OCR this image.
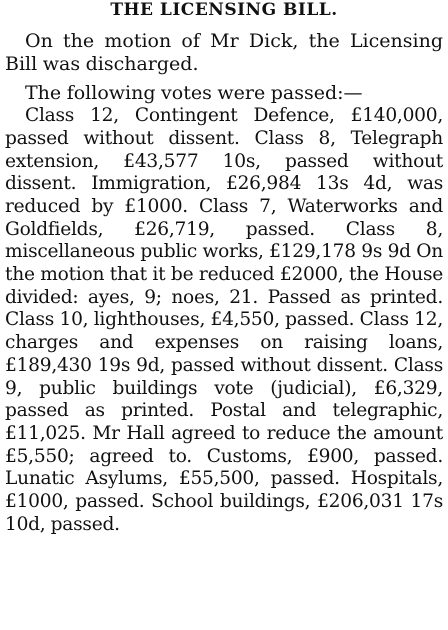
THE LICENSING BILL.

On the motion of Mr Dick, the Licensing Bill was discharged.

The following votes were passed:—

Class 12, Contingent Defence, £140,000, passed without dissent. Class 8, Telegraph extension, £43,577 10s, passed without dissent. Immigration, £26,984 13s 4d, was reduced by £1000. Class 7, Waterworks and Goldfields, £26,719, passed. Class 8, miscellaneous public works, £129,178 9s 9d On the motion that it be reduced £2000, the House divided: ayes, 9; noes, 21. Passed as printed. Class 10, lighthouses, £4,550, passed. Class 12, charges and expenses on raising loans, £189,430 19s 9d, passed without dissent. Class 9, public buildings vote (judicial), £6,329, passed as printed. Postal and telegraphic, £11,025. Mr Hall agreed to reduce the amount £5,550; agreed to. Customs, £900, passed. Lunatic Asylums, £55,500, passed. Hospitals, £1000, passed. School buildings, £206,031 17s 10d, passed.
